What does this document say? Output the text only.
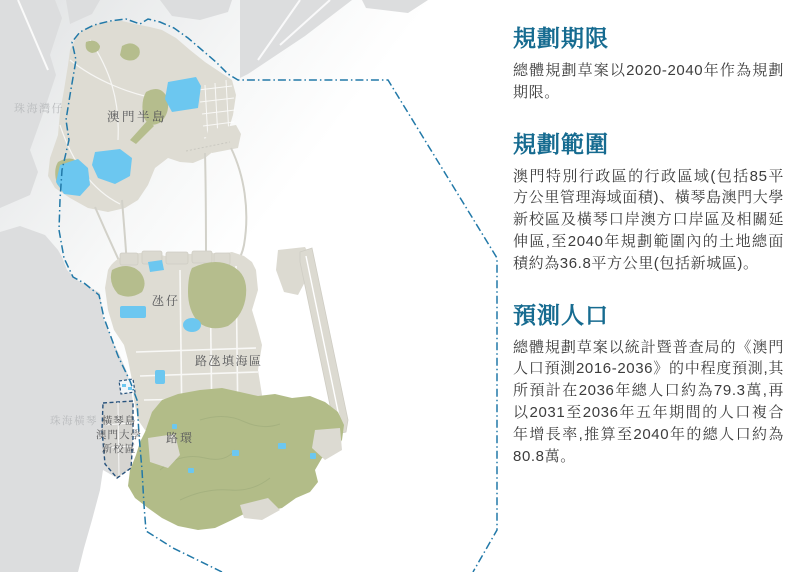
珠海灣仔
澳門半島
氹仔
路氹填海區
珠海橫琴 橫琴島
澳門大學
新校區
路環
規劃期限

總體規劃草案以2020-2040年作為規劃期限。

規劃範圍

澳門特別行政區的行政區域(包括85平方公里管理海域面積)、橫琴島澳門大學新校區及橫琴口岸澳方口岸區及相關延伸區,至2040年規劃範圍內的土地總面積約為36.8平方公里(包括新城區)。

預測人口

總體規劃草案以統計暨普查局的《澳門人口預測2016-2036》的中程度預測,其所預計在2036年總人口約為79.3萬,再以2031至2036年五年期間的人口複合年增長率,推算至2040年的總人口約為80.8萬。
